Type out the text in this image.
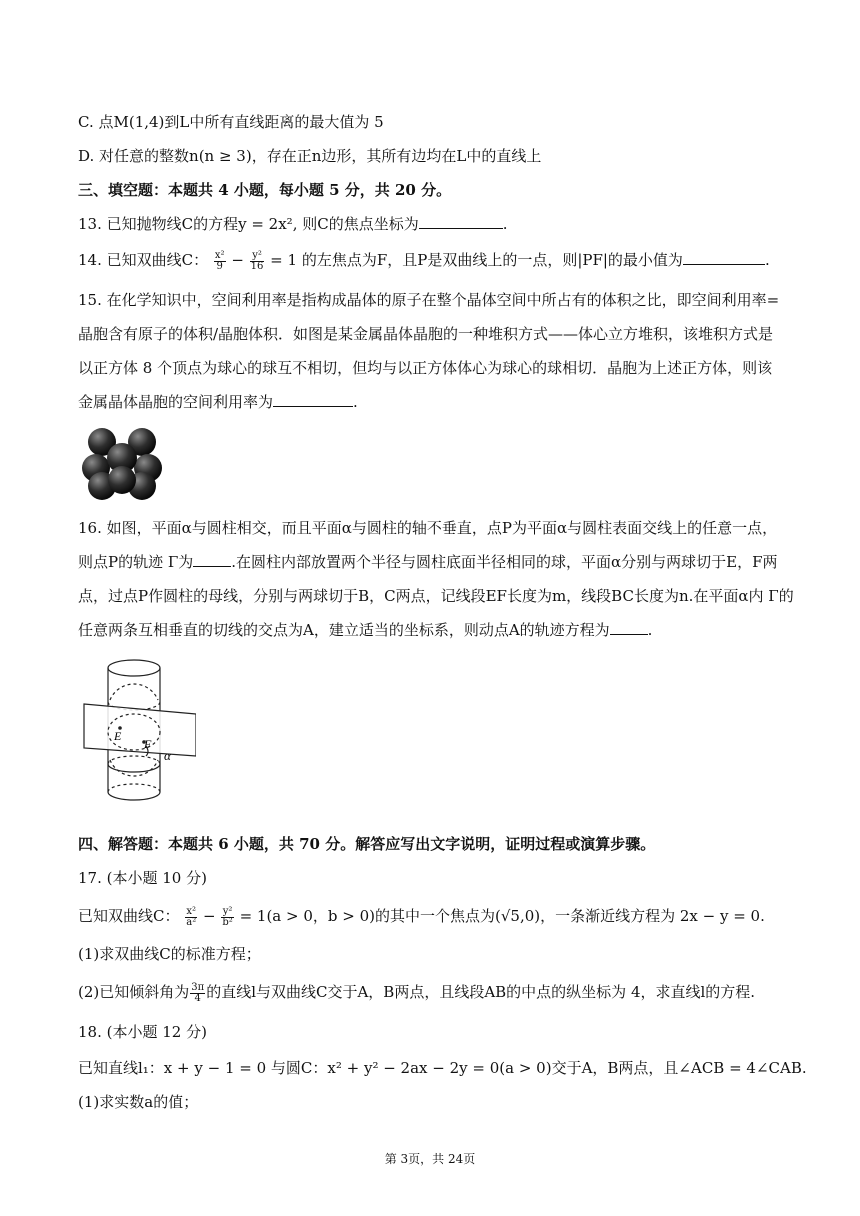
C. 点M(1,4)到L中所有直线距离的最大值为 5
D. 对任意的整数n(n ≥ 3)，存在正n边形，其所有边均在L中的直线上
三、填空题：本题共 4 小题，每小题 5 分，共 20 分。
13. 已知抛物线C的方程y = 2x², 则C的焦点坐标为	.
14. 已知双曲线C： $\frac{\text{x²}}{9} - \frac{\text{y²}}{16} = 1$ 的左焦点为F，且P是双曲线上的一点，则|PF|的最小值为	.
15. 在化学知识中，空间利用率是指构成晶体的原子在整个晶体空间中所占有的体积之比，即空间利用率=
晶胞含有原子的体积/晶胞体积．如图是某金属晶体晶胞的一种堆积方式——体心立方堆积，该堆积方式是
以正方体 8 个顶点为球心的球互不相切，但均与以正方体体心为球心的球相切．晶胞为上述正方体，则该
金属晶体晶胞的空间利用率为	.
16. 如图，平面α与圆柱相交，而且平面α与圆柱的轴不垂直，点P为平面α与圆柱表面交线上的任意一点，
则点P的轨迹 Γ为	.在圆柱内部放置两个半径与圆柱底面半径相同的球，平面α分别与两球切于E，F两
点，过点P作圆柱的母线，分别与两球切于B，C两点，记线段EF长度为m，线段BC长度为n.在平面α内 Γ的
任意两条互相垂直的切线的交点为A，建立适当的坐标系，则动点A的轨迹方程为	.
E
F
α
四、解答题：本题共 6 小题，共 70 分。解答应写出文字说明，证明过程或演算步骤。
17. (本小题 10 分)
已知双曲线C： $\frac{\text{x²}}{\text{a²}} - \frac{\text{y²}}{\text{b²}} = 1(a > 0$，b > 0)的其中一个焦点为(√5,0)，一条渐近线方程为 2x − y = 0.
(1)求双曲线C的标准方程；
(2)已知倾斜角为 $\frac{3\pi}{4}$ 的直线l与双曲线C交于A，B两点，且线段AB的中点的纵坐标为 4，求直线l的方程.
18. (本小题 12 分)
已知直线l₁：x + y − 1 = 0 与圆C：x² + y² − 2ax − 2y = 0(a > 0)交于A，B两点，且∠ACB = 4∠CAB.
(1)求实数a的值；
第 3页，共 24页
